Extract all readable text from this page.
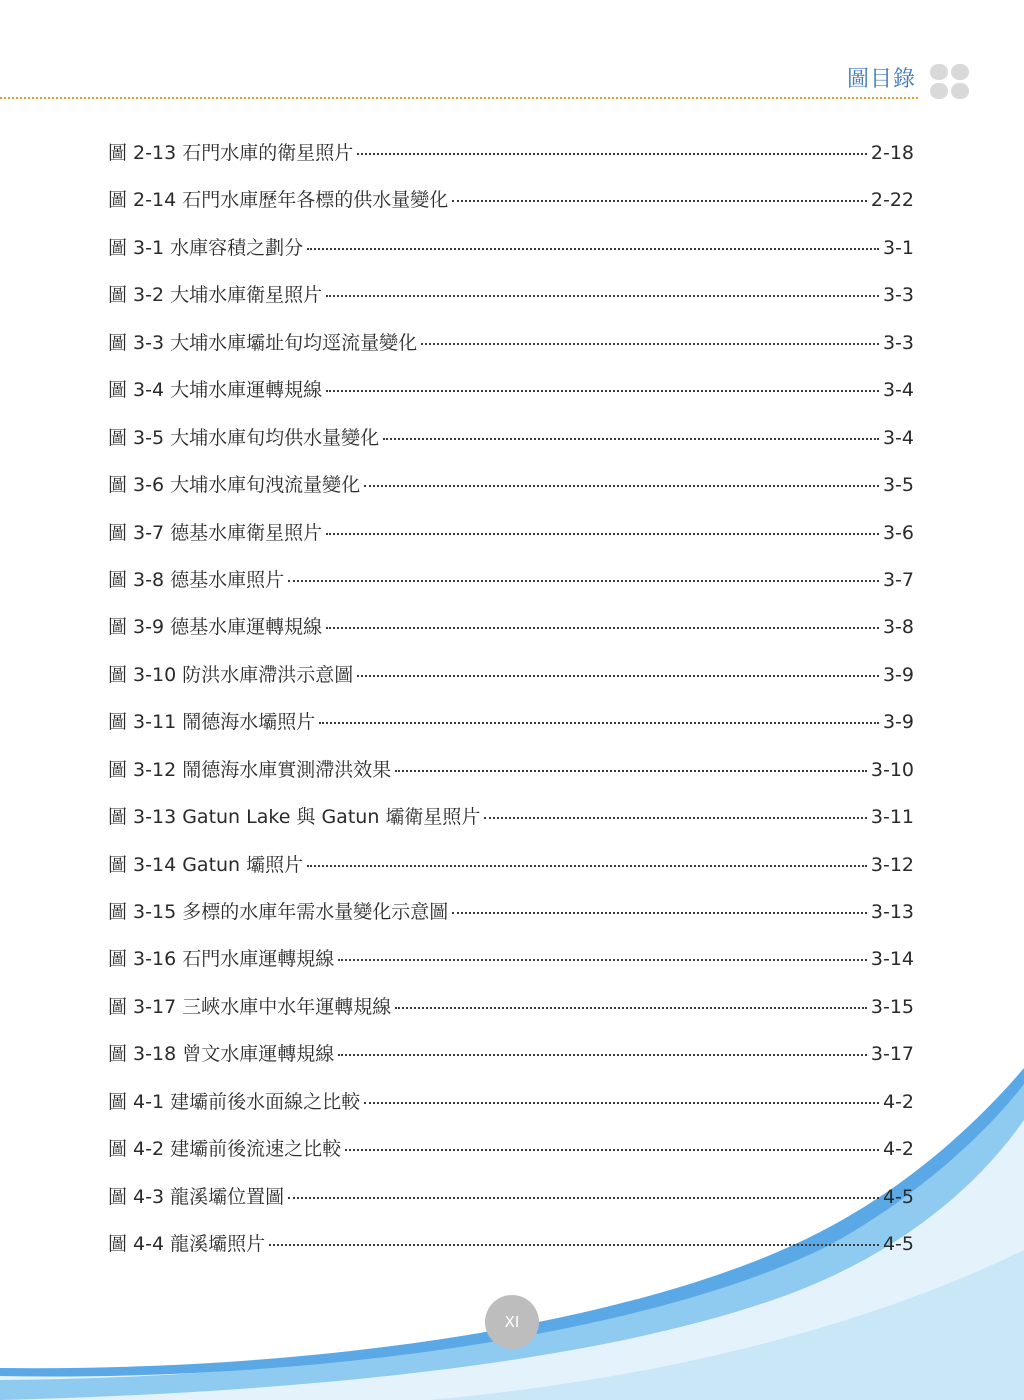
圖目錄
圖 2-13 石門水庫的衛星照片	2-18
圖 2-14 石門水庫歷年各標的供水量變化	2-22
圖 3-1 水庫容積之劃分	3-1
圖 3-2 大埔水庫衛星照片	3-3
圖 3-3 大埔水庫壩址旬均逕流量變化	3-3
圖 3-4 大埔水庫運轉規線	3-4
圖 3-5 大埔水庫旬均供水量變化	3-4
圖 3-6 大埔水庫旬洩流量變化	3-5
圖 3-7 德基水庫衛星照片	3-6
圖 3-8 德基水庫照片	3-7
圖 3-9 德基水庫運轉規線	3-8
圖 3-10 防洪水庫滯洪示意圖	3-9
圖 3-11 鬧德海水壩照片	3-9
圖 3-12 鬧德海水庫實測滯洪效果	3-10
圖 3-13 Gatun Lake 與 Gatun 壩衛星照片	3-11
圖 3-14 Gatun 壩照片	3-12
圖 3-15 多標的水庫年需水量變化示意圖	3-13
圖 3-16 石門水庫運轉規線	3-14
圖 3-17 三峽水庫中水年運轉規線	3-15
圖 3-18 曾文水庫運轉規線	3-17
圖 4-1 建壩前後水面線之比較	4-2
圖 4-2 建壩前後流速之比較	4-2
圖 4-3 龍溪壩位置圖	4-5
圖 4-4 龍溪壩照片	4-5
XI
